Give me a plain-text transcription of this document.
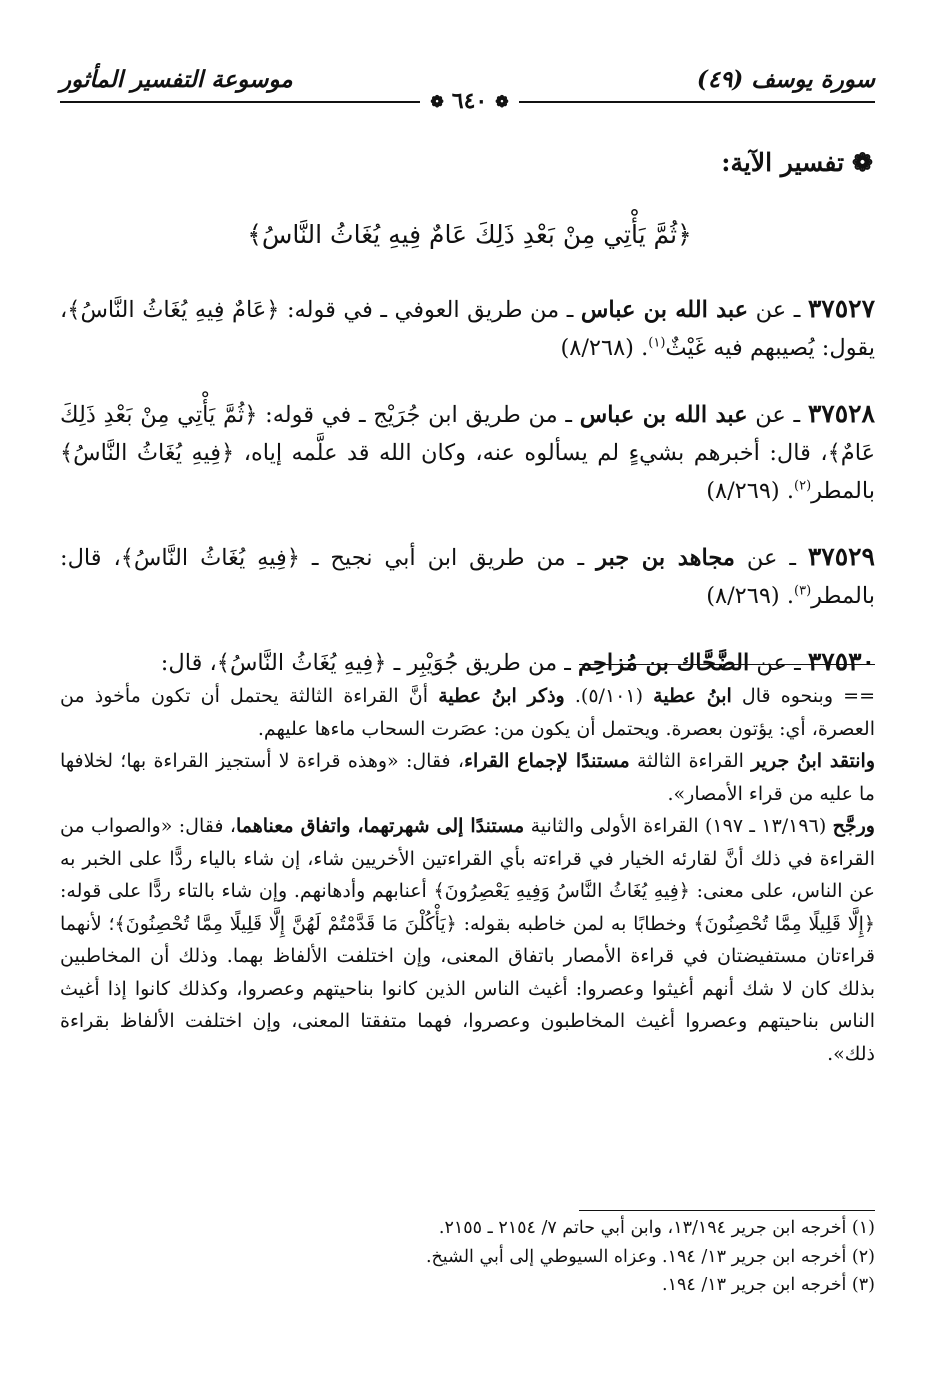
سورة يوسف (٤٩)
موسوعة التفسير المأثور
❁ ٦٤٠ ❁
❁
تفسير الآية:
﴿ثُمَّ يَأْتِي مِنْ بَعْدِ ذَلِكَ عَامٌ فِيهِ يُغَاثُ النَّاسُ﴾

٣٧٥٢٧ ـ عن عبد الله بن عباس ـ من طريق العوفي ـ في قوله: ﴿عَامٌ فِيهِ يُغَاثُ النَّاسُ﴾، يقول: يُصيبهم فيه غَيْثٌ$^{(١)}$. (٨/٢٦٨)

٣٧٥٢٨ ـ عن عبد الله بن عباس ـ من طريق ابن جُرَيْج ـ في قوله: ﴿ثُمَّ يَأْتِي مِنْ بَعْدِ ذَلِكَ عَامٌ﴾، قال: أخبرهم بشيءٍ لم يسألوه عنه، وكان الله قد علَّمه إياه، ﴿فِيهِ يُغَاثُ النَّاسُ﴾ بالمطر$^{(٢)}$. (٨/٢٦٩)

٣٧٥٢٩ ـ عن مجاهد بن جبر ـ من طريق ابن أبي نجيح ـ ﴿فِيهِ يُغَاثُ النَّاسُ﴾، قال: بالمطر$^{(٣)}$. (٨/٢٦٩)

٣٧٥٣٠ ـ عن الضَّحَّاك بن مُزاحِم ـ من طريق جُوَيْبِر ـ ﴿فِيهِ يُغَاثُ النَّاسُ﴾، قال:

== وبنحوه قال ابنُ عطية (٥/١٠١). وذكر ابنُ عطية أنَّ القراءة الثالثة يحتمل أن تكون مأخوذ من العصرة، أي: يؤتون بعصرة. ويحتمل أن يكون من: عصَرت السحاب ماءها عليهم.

وانتقد ابنُ جرير القراءة الثالثة مستندًا لإجماع القراء، فقال: «وهذه قراءة لا أستجيز القراءة بها؛ لخلافها ما عليه من قراء الأمصار».

ورجَّح (١٣/١٩٦ ـ ١٩٧) القراءة الأولى والثانية مستندًا إلى شهرتهما، واتفاق معناهما، فقال: «والصواب من القراءة في ذلك أنَّ لقارئه الخيار في قراءته بأي القراءتين الأخريين شاء، إن شاء بالياء ردًّا على الخبر به عن الناس، على معنى: ﴿فِيهِ يُغَاثُ النَّاسُ وَفِيهِ يَعْصِرُونَ﴾ أعنابهم وأدهانهم. وإن شاء بالتاء ردًّا على قوله: ﴿إِلَّا قَلِيلًا مِمَّا تُحْصِنُونَ﴾ وخطابًا به لمن خاطبه بقوله: ﴿يَأْكُلْنَ مَا قَدَّمْتُمْ لَهُنَّ إِلَّا قَلِيلًا مِمَّا تُحْصِنُونَ﴾؛ لأنهما قراءتان مستفيضتان في قراءة الأمصار باتفاق المعنى، وإن اختلفت الألفاظ بهما. وذلك أن المخاطبين بذلك كان لا شك أنهم أغيثوا وعصروا: أغيث الناس الذين كانوا بناحيتهم وعصروا، وكذلك كانوا إذا أغيث الناس بناحيتهم وعصروا أغيث المخاطبون وعصروا، فهما متفقتا المعنى، وإن اختلفت الألفاظ بقراءة ذلك».

(١) أخرجه ابن جرير ١٣/١٩٤، وابن أبي حاتم ٧/ ٢١٥٤ ـ ٢١٥٥.
(٢) أخرجه ابن جرير ١٣/ ١٩٤. وعزاه السيوطي إلى أبي الشيخ.
(٣) أخرجه ابن جرير ١٣/ ١٩٤.
